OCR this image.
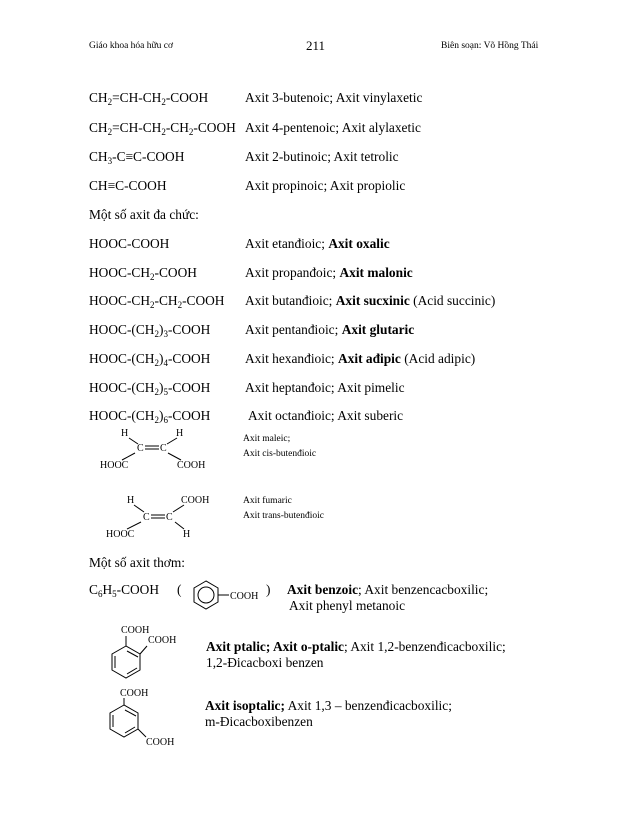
Giáo khoa hóa hữu cơ	211	Biên soạn: Võ Hồng Thái
$CH_2=CH-CH_2$-COOH	Axit 3-butenoic; Axit vinylaxetic
$CH_2=CH-CH_2-CH_2$-COOH Axit 4-pentenoic; Axit alylaxetic
$CH_3-C\equiv C$-COOH	Axit 2-butinoic; Axit tetrolic
CH≡C-COOH	Axit propinoic; Axit propiolic
Một số axit đa chức:
HOOC-COOH	Axit etanđioic; Axit oxalic
HOOC-$CH_2$-COOH	Axit propanđoic; Axit malonic
HOOC-$CH_2-CH_2$-COOH Axit butanđioic; Axit sucxinic (Acid succinic)
HOOC-$(CH_2)_3$-COOH	Axit pentanđioic; Axit glutaric
HOOC-$(CH_2)_4$-COOH	Axit hexanđioic; Axit ađipic (Acid adipic)
HOOC-$(CH_2)_5$-COOH	Axit heptanđoic; Axit pimelic
HOOC-$(CH_2)_6$-COOH	Axit octanđioic; Axit suberic
Axit maleic;
Axit cis-butenđioic
Axit fumaric
Axit trans-butenđioic
Một số axit thơm:
$C_6H_5$-COOH (	) Axit benzoic; Axit benzencacboxilic;
Axit phenyl metanoic
Axit ptalic; Axit o-ptalic; Axit 1,2-benzenđicacboxilic;
1,2-Đicacboxi benzen
Axit isoptalic; Axit 1,3 – benzenđicacboxilic;
m-Đicacboxibenzen
H	H
C C
HOOC	COOH
H	COOH
C C
HOOC	H
COOH
COOH
COOH
COOH
COOH
